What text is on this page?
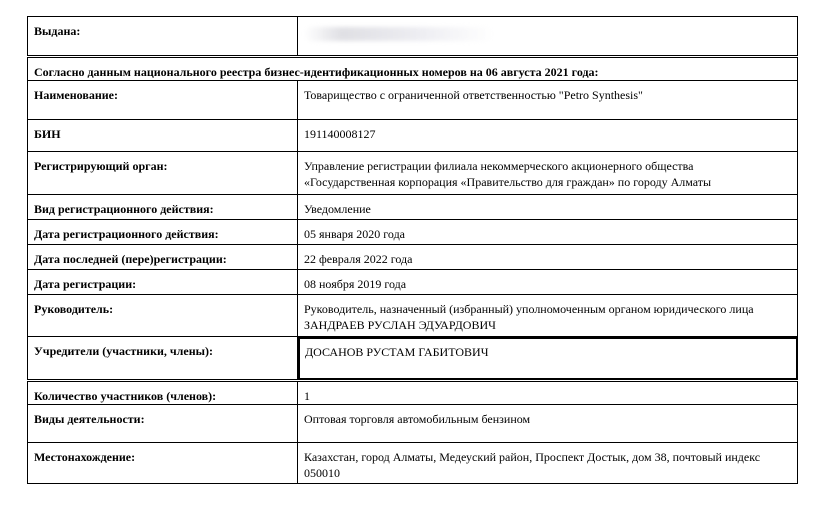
Выдана:	

Согласно данным национального реестра бизнес-идентификационных номеров на 06 августа 2021 года:	
Наименование:	Товарищество с ограниченной ответственностью "Petro Synthesis"
БИН	191140008127
Регистрирующий орган:	Управление регистрации филиала некоммерческого акционерного общества
«Государственная корпорация «Правительство для граждан» по городу Алматы

Вид регистрационного действия:	Уведомление
Дата регистрационного действия:	05 января 2020 года
Дата последней (пере)регистрации:	22 февраля 2022 года
Дата регистрации:	08 ноября 2019 года
Руководитель:	Руководитель, назначенный (избранный) уполномоченным органом юридического лица
ЗАНДРАЕВ РУСЛАН ЭДУАРДОВИЧ

Учредители (участники, члены):	ДОСАНОВ РУСТАМ ГАБИТОВИЧ

Количество участников (членов):	1
Виды деятельности:	Оптовая торговля автомобильным бензином
Местонахождение:	Казахстан, город Алматы, Медеуский район, Проспект Достык, дом 38, почтовый индекс
050010
